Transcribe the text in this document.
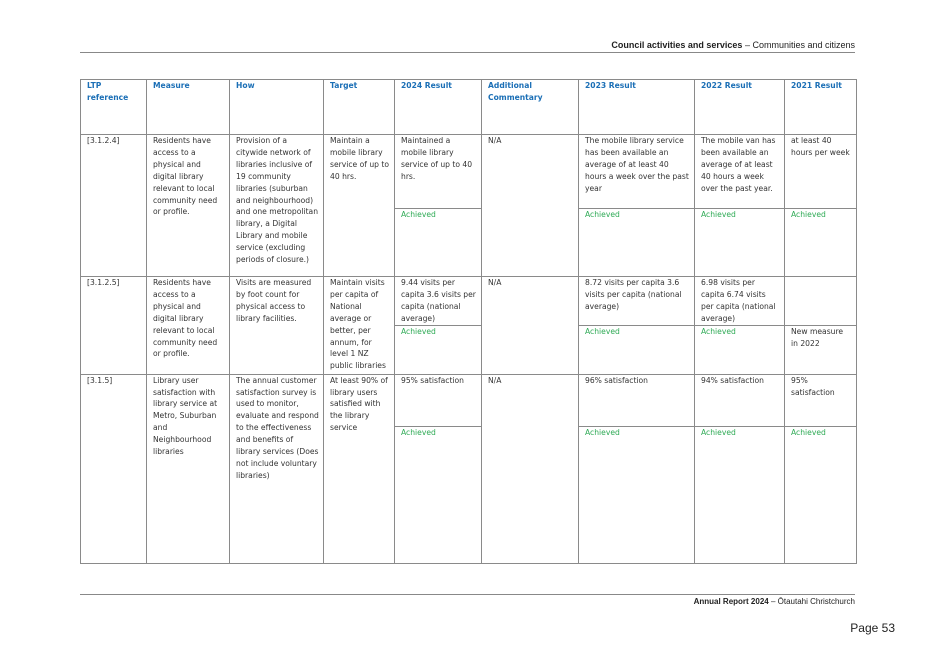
Council activities and services – Communities and citizens
LTP reference	Measure	How	Target	2024 Result	Additional Commentary	2023 Result	2022 Result	2021 Result
[3.1.2.4]	Residents have access to a physical and digital library relevant to local community need or profile.	Provision of a citywide network of libraries inclusive of 19 community libraries (suburban and neighbourhood) and one metropolitan library, a Digital Library and mobile service (excluding periods of closure.)	Maintain a mobile library service of up to 40 hrs.	Maintained a mobile library service of up to 40 hrs.	N/A	The mobile library service has been available an average of at least 40 hours a week over the past year	The mobile van has been available an average of at least 40 hours a week over the past year.	at least 40 hours per week
				Achieved		Achieved	Achieved	Achieved
[3.1.2.5]	Residents have access to a physical and digital library relevant to local community need or profile.	Visits are measured by foot count for physical access to library facilities.	Maintain visits per capita of National average or better, per annum, for level 1 NZ public libraries	9.44 visits per capita 3.6 visits per capita (national average)	N/A	8.72 visits per capita 3.6 visits per capita (national average)	6.98 visits per capita 6.74 visits per capita (national average)	
				Achieved		Achieved	Achieved	New measure in 2022
[3.1.5]	Library user satisfaction with library service at Metro, Suburban and Neighbourhood libraries	The annual customer satisfaction survey is used to monitor, evaluate and respond to the effectiveness and benefits of library services (Does not include voluntary libraries)	At least 90% of library users satisfied with the library service	95% satisfaction	N/A	96% satisfaction	94% satisfaction	95% satisfaction
				Achieved		Achieved	Achieved	Achieved
Annual Report 2024 – Ōtautahi Christchurch
Page 53
